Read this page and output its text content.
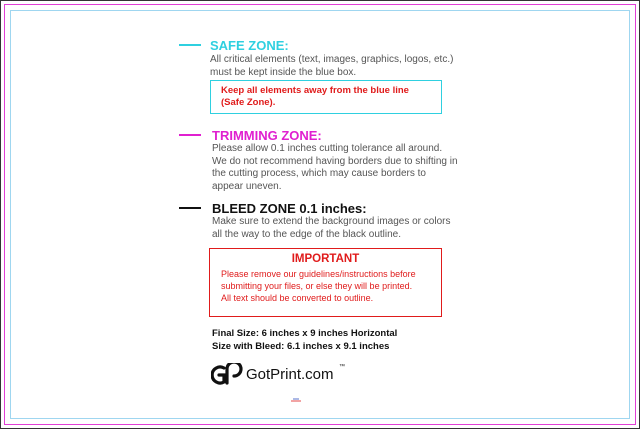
SAFE ZONE:
All critical elements (text, images, graphics, logos, etc.)
must be kept inside the blue box.
Keep all elements away from the blue line
(Safe Zone).
TRIMMING ZONE:
Please allow 0.1 inches cutting tolerance all around.
We do not recommend having borders due to shifting in
the cutting process, which may cause borders to
appear uneven.
BLEED ZONE 0.1 inches:
Make sure to extend the background images or colors
all the way to the edge of the black outline.
IMPORTANT
Please remove our guidelines/instructions before
submitting your files, or else they will be printed.
All text should be converted to outline.
Final Size: 6 inches x 9 inches Horizontal
Size with Bleed: 6.1 inches x 9.1 inches
GotPrint.com ™
